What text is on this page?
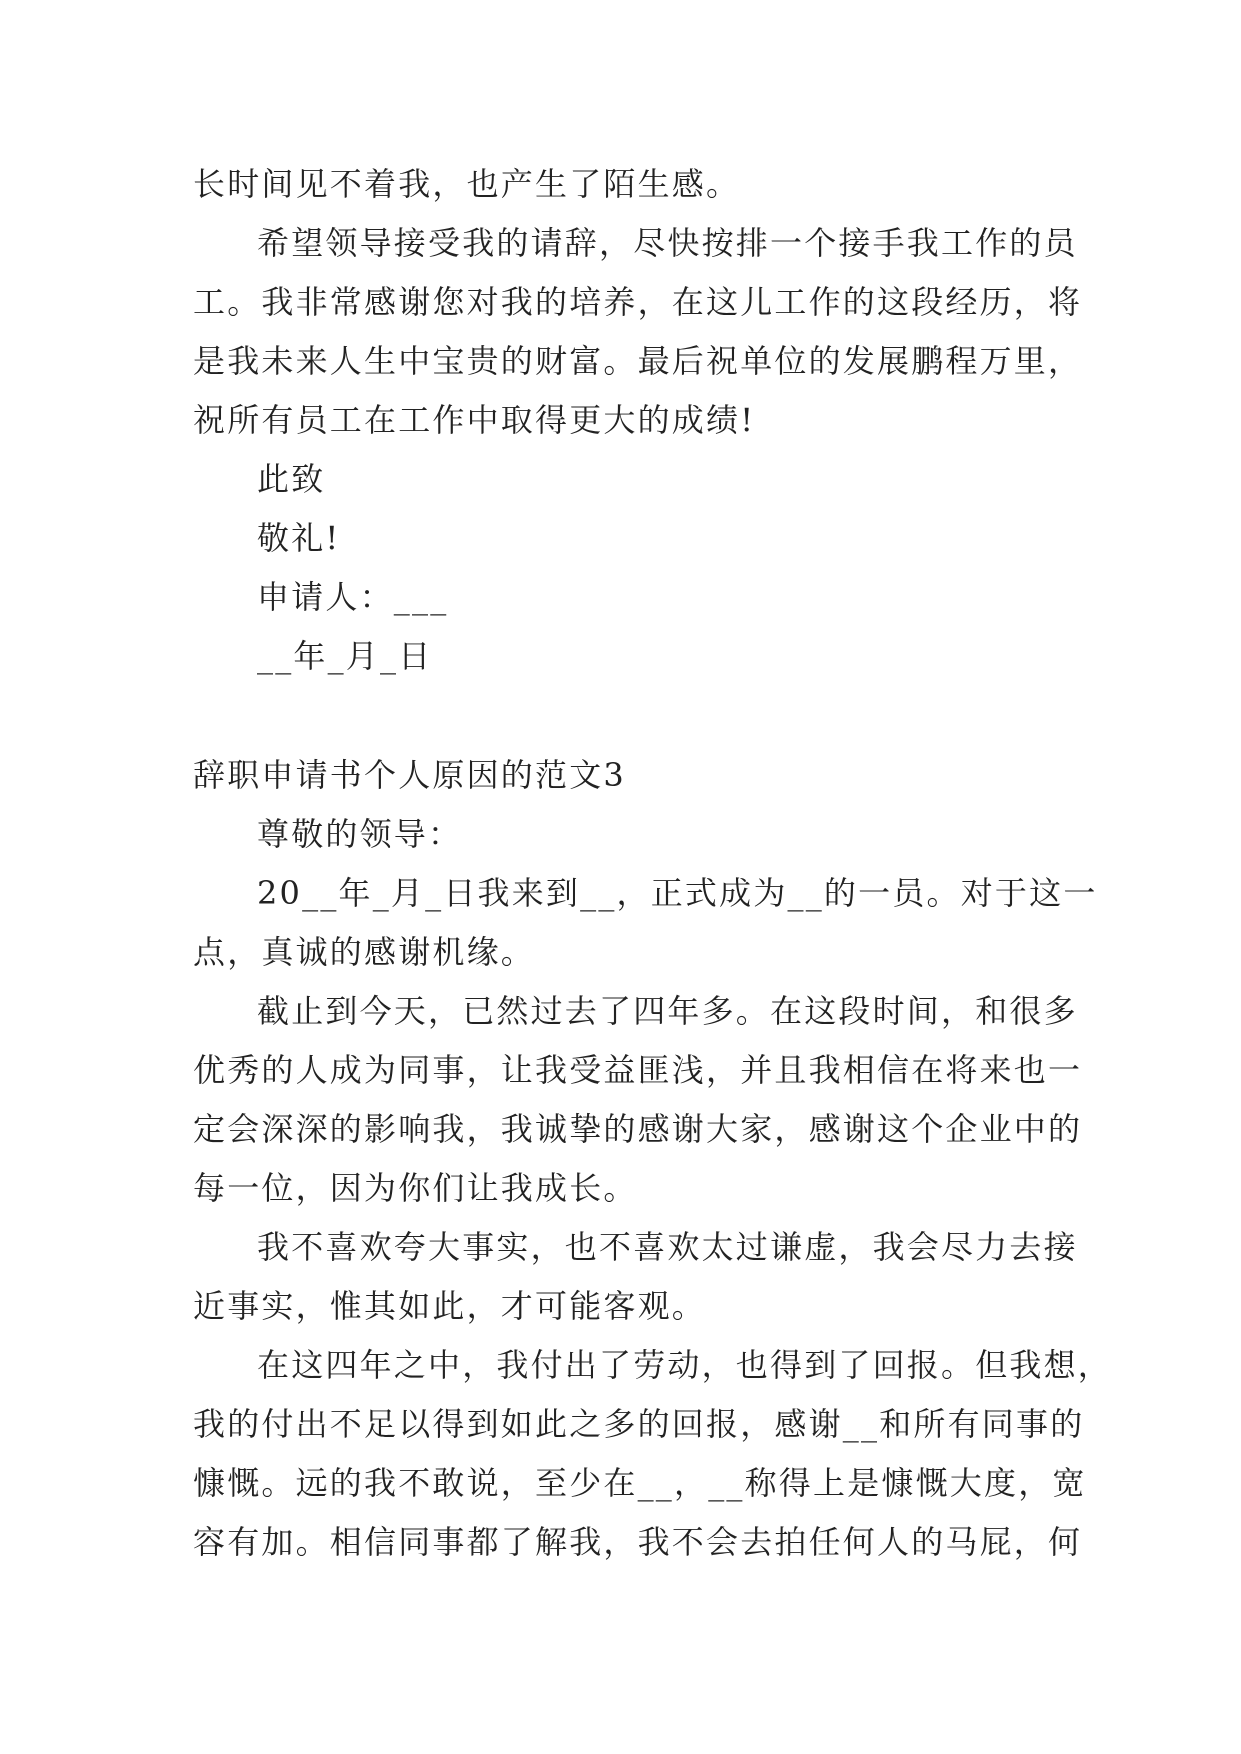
长时间见不着我，也产生了陌生感。
希望领导接受我的请辞，尽快按排一个接手我工作的员
工。我非常感谢您对我的培养，在这儿工作的这段经历，将
是我未来人生中宝贵的财富。最后祝单位的发展鹏程万里，
祝所有员工在工作中取得更大的成绩!
此致
敬礼!
申请人：___
__年_月_日
辞职申请书个人原因的范文3
尊敬的领导：
20__年_月_日我来到__，正式成为__的一员。对于这一
点，真诚的感谢机缘。
截止到今天，已然过去了四年多。在这段时间，和很多
优秀的人成为同事，让我受益匪浅，并且我相信在将来也一
定会深深的影响我，我诚挚的感谢大家，感谢这个企业中的
每一位，因为你们让我成长。
我不喜欢夸大事实，也不喜欢太过谦虚，我会尽力去接
近事实，惟其如此，才可能客观。
在这四年之中，我付出了劳动，也得到了回报。但我想，
我的付出不足以得到如此之多的回报，感谢__和所有同事的
慷慨。远的我不敢说，至少在__，__称得上是慷慨大度，宽
容有加。相信同事都了解我，我不会去拍任何人的马屁，何
